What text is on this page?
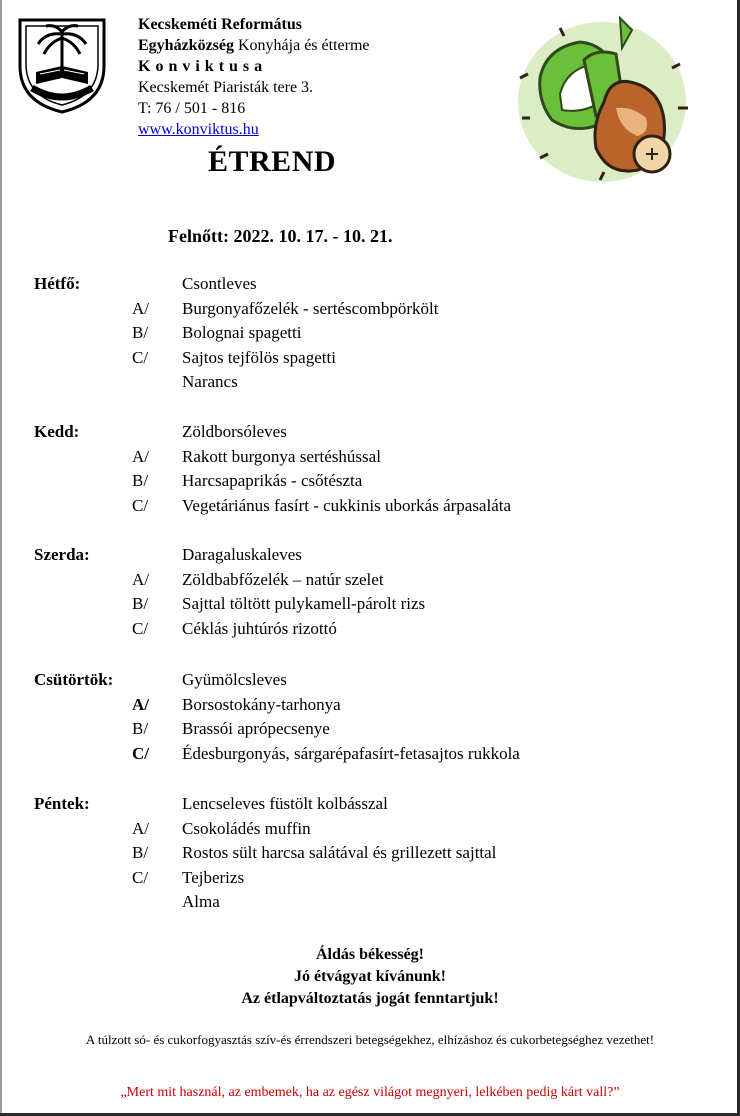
Kecskeméti Református
Egyházközség Konyhája és étterme
Konviktusa
Kecskemét Piaristák tere 3.
T: 76 / 501 - 816
www.konviktus.hu
ÉTREND
Felnőtt: 2022. 10. 17. - 10. 21.
Hétfő:	Csontleves
A/ Burgonyafőzelék - sertéscombpörkölt
B/ Bolognai spagetti
C/ Sajtos tejfölös spagetti
Narancs
Kedd:	Zöldborsóleves
A/ Rakott burgonya sertéshússal
B/ Harcsapaprikás - csőtészta
C/ Vegetáriánus fasírt - cukkinis uborkás árpasaláta
Szerda:	Daragaluskaleves
A/ Zöldbabfőzelék – natúr szelet
B/ Sajttal töltött pulykamell-párolt rizs
C/ Céklás juhtúrós rizottó
Csütörtök:	Gyümölcsleves
A/ Borsostokány-tarhonya
B/ Brassói aprópecsenye
C/ Édesburgonyás, sárgarépafasírt-fetasajtos rukkola
Péntek:	Lencseleves füstölt kolbásszal
A/ Csokoládés muffin
B/ Rostos sült harcsa salátával és grillezett sajttal
C/ Tejberizs
Alma
Áldás békesség!
Jó étvágyat kívánunk!
Az étlapváltoztatás jogát fenntartjuk!
A túlzott só- és cukorfogyasztás szív-és érrendszeri betegségekhez, elhízáshoz és cukorbetegséghez vezethet!
„Mert mit használ, az embemek, ha az egész világot megnyeri, lelkében pedig kárt vall?”
